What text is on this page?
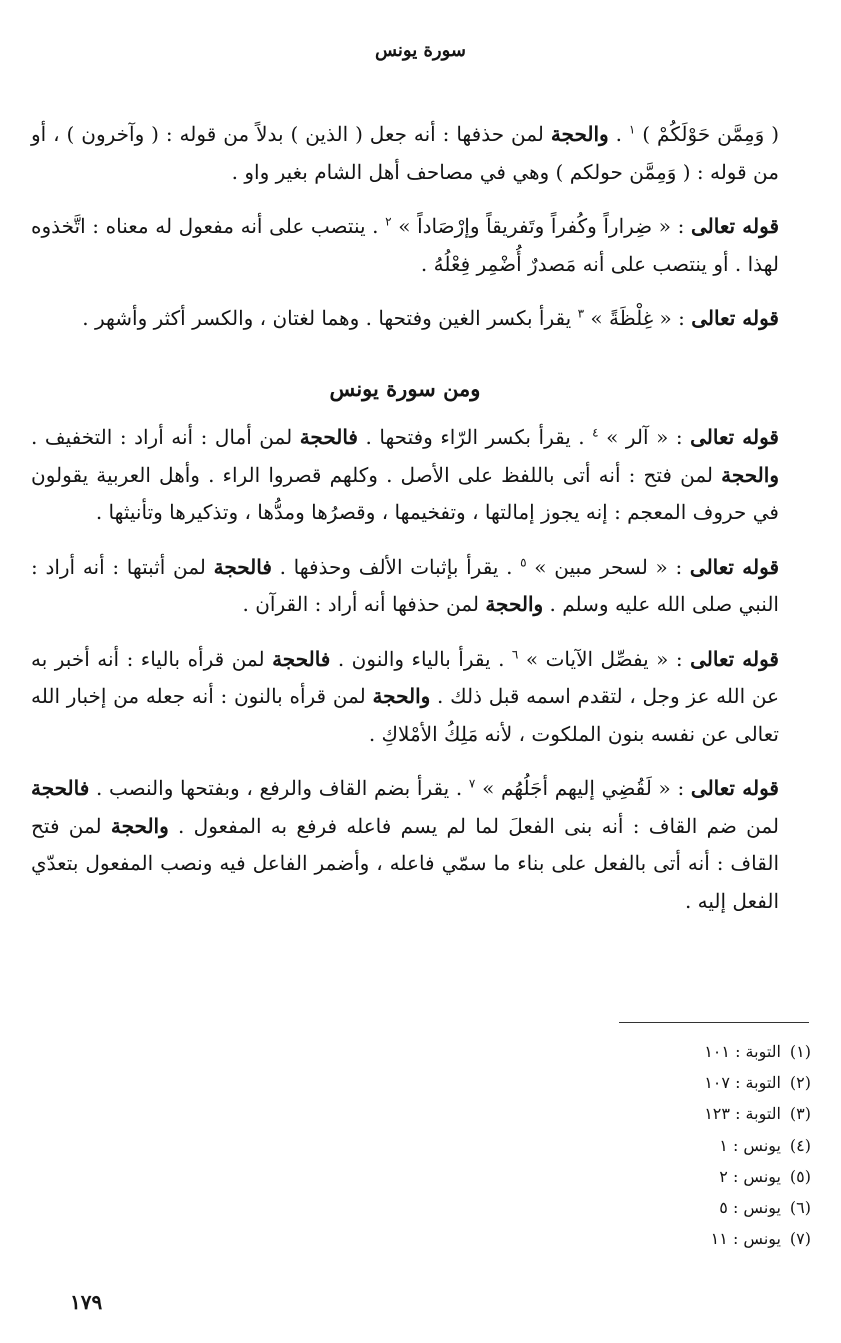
سورة يونس

( وَمِمَّن حَوْلَكُمْ ) $^١$ . والحجة لمن حذفها : أنه جعل ( الذين ) بدلاً من قوله : ( وآخرون ) ، أو من قوله : ( وَمِمَّن حولكم ) وهي في مصاحف أهل الشام بغير واو .

قوله تعالى : « ضِراراً وكُفراً وتَفريقاً وإرْصَاداً » $^٢$ . ينتصب على أنه مفعول له معناه : اتَّخذوه لهذا . أو ينتصب على أنه مَصدرٌ أُضْمِر فِعْلُهُ .

قوله تعالى : « غِلْظَةً » $^٣$ يقرأ بكسر الغين وفتحها . وهما لغتان ، والكسر أكثر وأشهر .

ومن سورة يونس

قوله تعالى : « آلر » $^٤$ . يقرأ بكسر الرّاء وفتحها . فالحجة لمن أمال : أنه أراد : التخفيف . والحجة لمن فتح : أنه أتى باللفظ على الأصل . وكلهم قصروا الراء . وأهل العربية يقولون في حروف المعجم : إنه يجوز إمالتها ، وتفخيمها ، وقصرُها ومدُّها ، وتذكيرها وتأنيثها .

قوله تعالى : « لسحر مبين » $^٥$ . يقرأ بإثبات الألف وحذفها . فالحجة لمن أثبتها : أنه أراد : النبي صلى الله عليه وسلم . والحجة لمن حذفها أنه أراد : القرآن .

قوله تعالى : « يفصِّل الآيات » $^٦$ . يقرأ بالياء والنون . فالحجة لمن قرأه بالياء : أنه أخبر به عن الله عز وجل ، لتقدم اسمه قبل ذلك . والحجة لمن قرأه بالنون : أنه جعله من إخبار الله تعالى عن نفسه بنون الملكوت ، لأنه مَلِكُ الأمْلاكِ .

قوله تعالى : « لَقُضِي إليهم أجَلُهُم » $^٧$ . يقرأ بضم القاف والرفع ، وبفتحها والنصب . فالحجة لمن ضم القاف : أنه بنى الفعلَ لما لم يسم فاعله فرفع به المفعول . والحجة لمن فتح القاف : أنه أتى بالفعل على بناء ما سمّي فاعله ، وأضمر الفاعل فيه ونصب المفعول بتعدّي الفعل إليه .

(١)التوبة : ١٠١
(٢)التوبة : ١٠٧
(٣)التوبة : ١٢٣
(٤)يونس : ١
(٥)يونس : ٢
(٦)يونس : ٥
(٧)يونس : ١١
١٧٩
